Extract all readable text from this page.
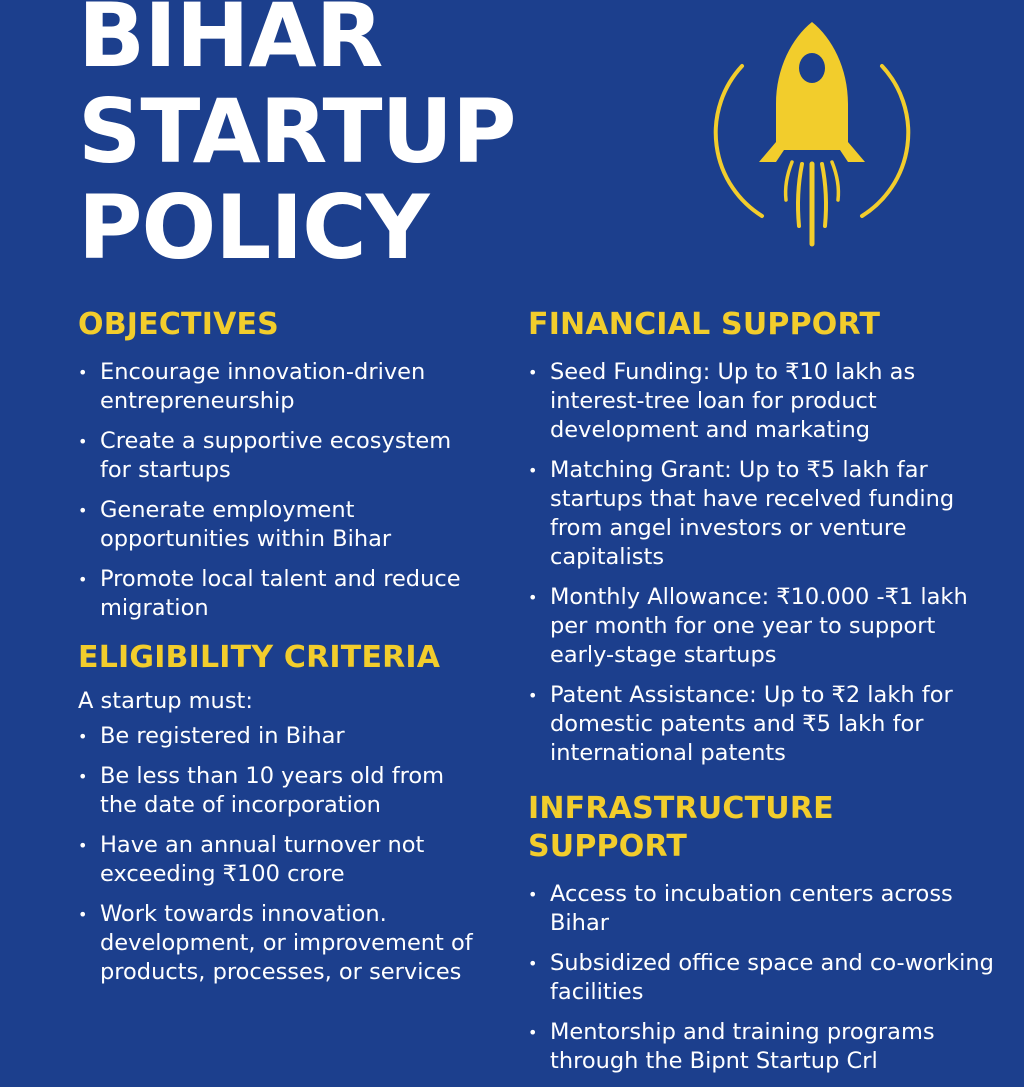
BIHAR
STARTUP
POLICY
OBJECTIVES
• Encourage innovation-driven entrepreneurship
• Create a supportive ecosystem for startups
• Generate employment opportunities within Bihar
• Promote local talent and reduce migration
ELIGIBILITY CRITERIA

A startup must:

• Be registered in Bihar
• Be less than 10 years old from the date of incorporation
• Have an annual turnover not exceeding ₹100 crore
• Work towards innovation. development, or improvement of products, processes, or services
FINANCIAL SUPPORT
• Seed Funding: Up to ₹10 lakh as interest-tree loan for product development and markating
• Matching Grant: Up to ₹5 lakh far startups that have recelved funding from angel investors or venture capitalists
• Monthly Allowance: ₹10.000 -₹1 lakh per month for one year to support early-stage startups
• Patent Assistance: Up to ₹2 lakh for domestic patents and ₹5 lakh for international patents
INFRASTRUCTURE SUPPORT
• Access to incubation centers across Bihar
• Subsidized office space and co-working facilities
• Mentorship and training programs through the Bipnt Startup Crl
